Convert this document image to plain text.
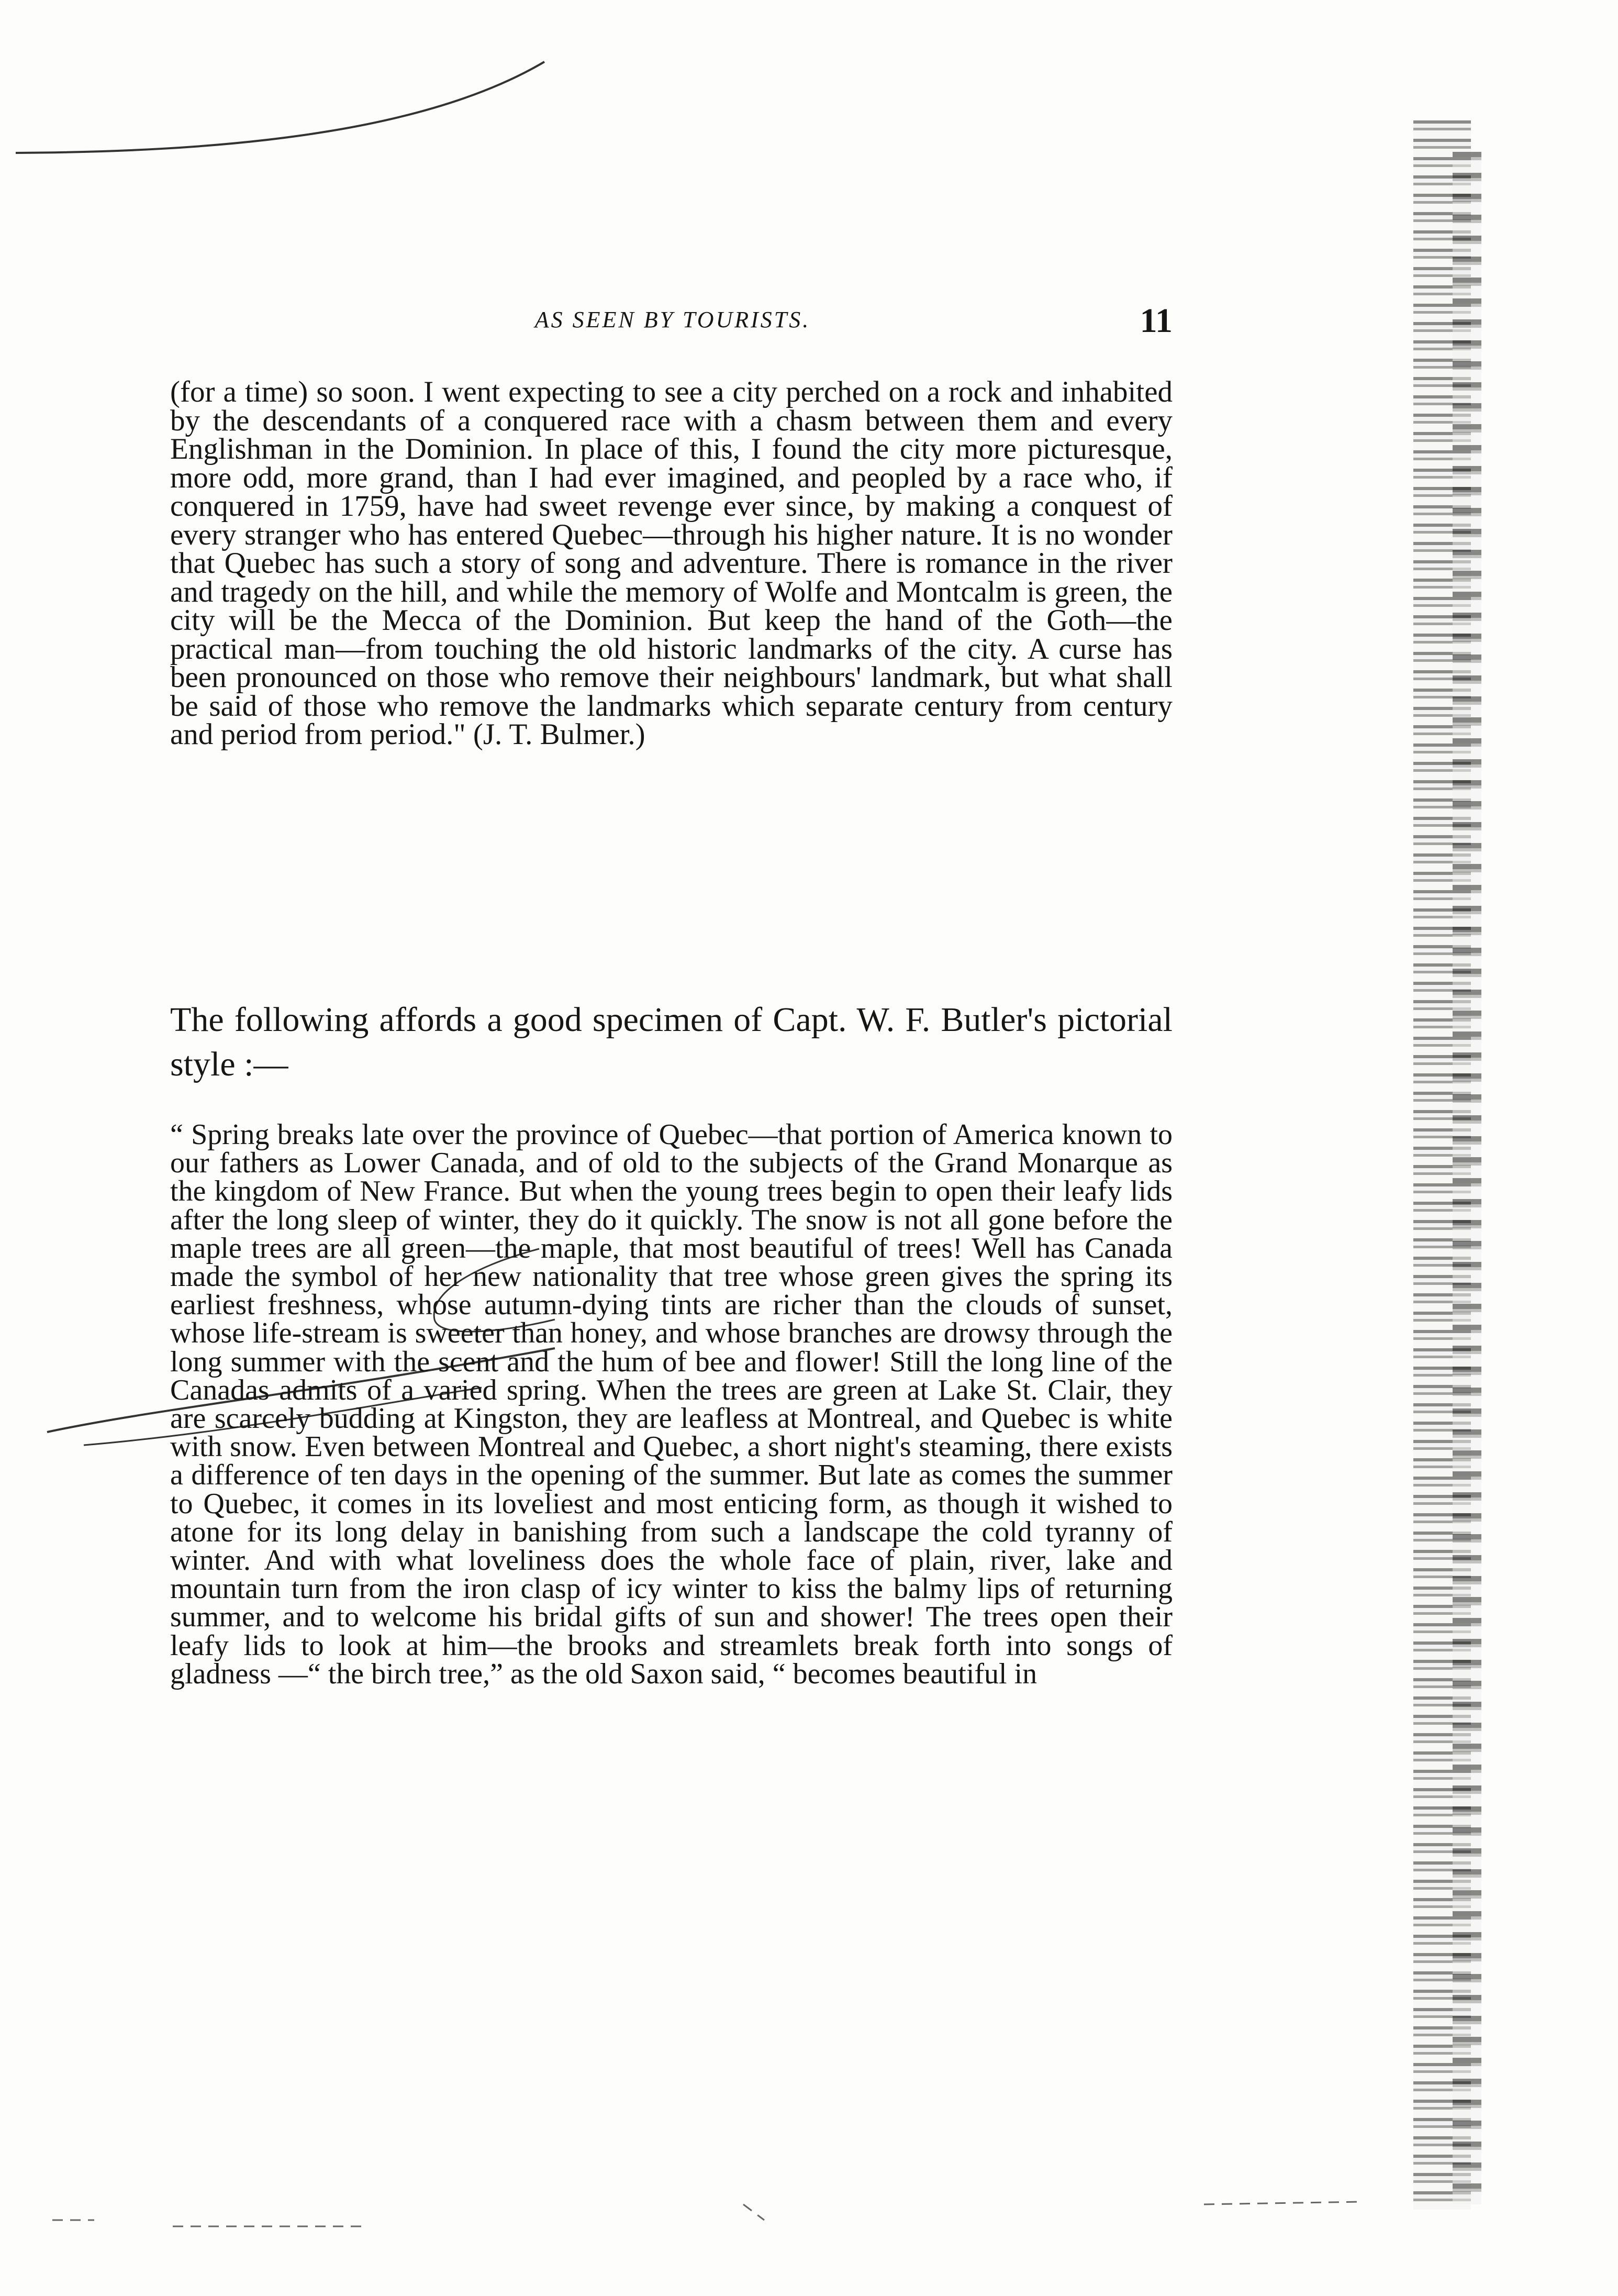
AS SEEN BY TOURISTS.	11

(for a time) so soon. I went expecting to see a city perched on a rock and inhabited by the descendants of a conquered race with a chasm between them and every Englishman in the Dominion. In place of this, I found the city more picturesque, more odd, more grand, than I had ever imagined, and peopled by a race who, if conquered in 1759, have had sweet revenge ever since, by making a conquest of every stranger who has entered Quebec—through his higher nature. It is no wonder that Quebec has such a story of song and adventure. There is romance in the river and tragedy on the hill, and while the memory of Wolfe and Montcalm is green, the city will be the Mecca of the Dominion. But keep the hand of the Goth—the practical man—from touching the old historic landmarks of the city. A curse has been pronounced on those who remove their neighbours' landmark, but what shall be said of those who remove the landmarks which separate century from century and period from period." (J. T. Bulmer.)

The following affords a good specimen of Capt. W. F. Butler's pictorial style :—

“ Spring breaks late over the province of Quebec—that portion of America known to our fathers as Lower Canada, and of old to the subjects of the Grand Monarque as the kingdom of New France. But when the young trees begin to open their leafy lids after the long sleep of winter, they do it quickly. The snow is not all gone before the maple trees are all green—the maple, that most beautiful of trees! Well has Canada made the symbol of her new nationality that tree whose green gives the spring its earliest freshness, whose autumn-dying tints are richer than the clouds of sunset, whose life-stream is sweeter than honey, and whose branches are drowsy through the long summer with the scent and the hum of bee and flower! Still the long line of the Canadas admits of a varied spring. When the trees are green at Lake St. Clair, they are scarcely budding at Kingston, they are leafless at Montreal, and Quebec is white with snow. Even between Montreal and Quebec, a short night's steaming, there exists a difference of ten days in the opening of the summer. But late as comes the summer to Quebec, it comes in its loveliest and most enticing form, as though it wished to atone for its long delay in banishing from such a landscape the cold tyranny of winter. And with what loveliness does the whole face of plain, river, lake and mountain turn from the iron clasp of icy winter to kiss the balmy lips of returning summer, and to welcome his bridal gifts of sun and shower! The trees open their leafy lids to look at him—the brooks and streamlets break forth into songs of gladness —“ the birch tree,” as the old Saxon said, “ becomes beautiful in
